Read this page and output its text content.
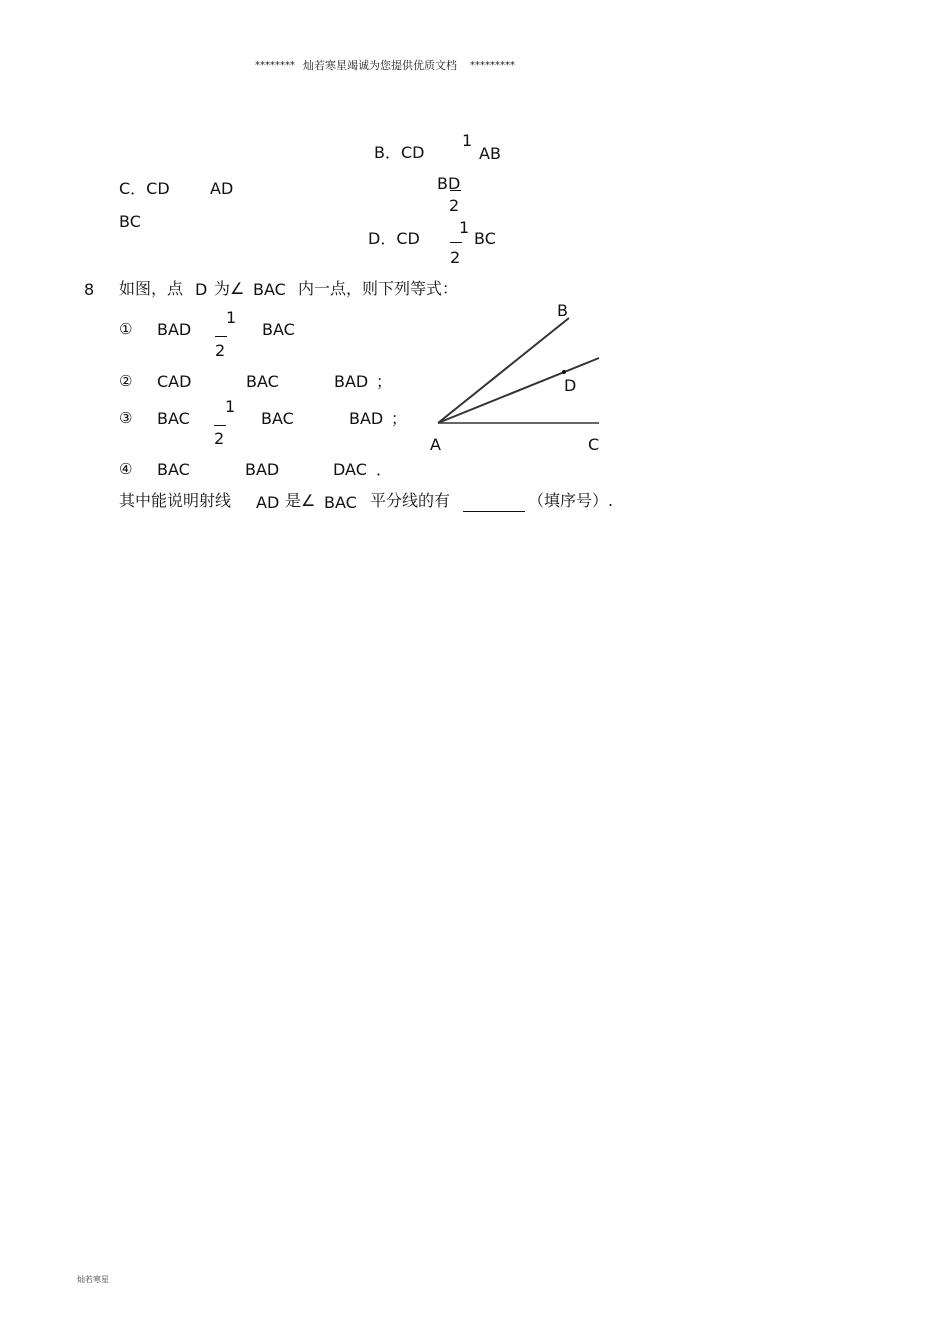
******** 灿若寒星竭诚为您提供优质文档 *********
B．CD
1
AB
C．CD	AD	BD
2
BC
D．CD
1
BC
2
8 如图，点 D 为∠ BAC 内一点，则下列等式：
① BAD
1
2
BAC
② CAD	BAC	BAD ；
③ BAC
1
2
BAC	BAD ；
④ BAC	BAD	DAC ．
其中能说明射线 AD 是∠ BAC 平分线的有	（填序号）.
B
D
A	C
灿若寒星
